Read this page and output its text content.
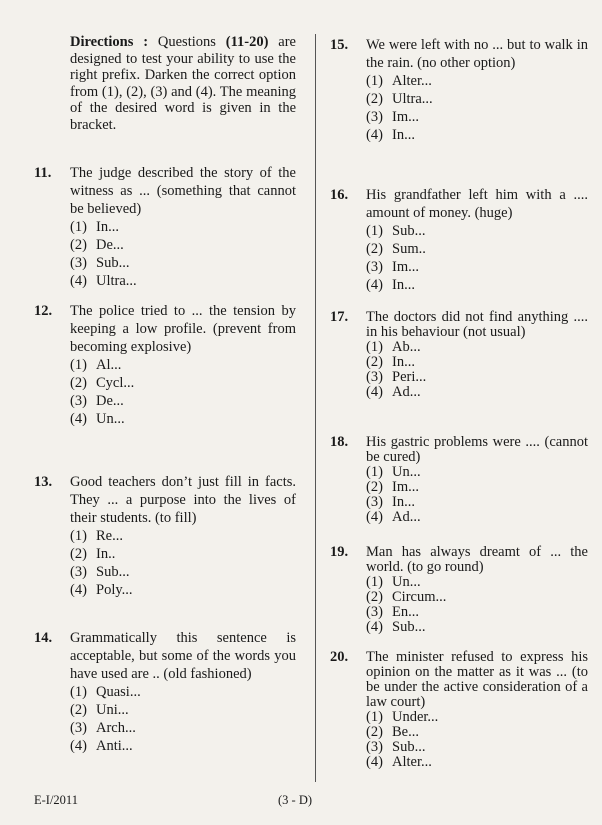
Directions : Questions (11-20) are designed to test your ability to use the right prefix. Darken the correct option from (1), (2), (3) and (4). The meaning of the desired word is given in the bracket.
11.	The judge described the story of the witness as ... (something that cannot be believed)
(1) In...
(2) De...
(3) Sub...
(4) Ultra...
12.	The police tried to ... the tension by keeping a low profile. (prevent from becoming explosive)
(1) Al...
(2) Cycl...
(3) De...
(4) Un...
13.	Good teachers don’t just fill in facts. They ... a purpose into the lives of their students. (to fill)
(1) Re...
(2) In..
(3) Sub...
(4) Poly...
14.	Grammatically this sentence is acceptable, but some of the words you have used are .. (old fashioned)
(1) Quasi...
(2) Uni...
(3) Arch...
(4) Anti...
15.	We were left with no ... but to walk in the rain. (no other option)
(1) Alter...
(2) Ultra...
(3) Im...
(4) In...
16.	His grandfather left him with a .... amount of money. (huge)
(1) Sub...
(2) Sum..
(3) Im...
(4) In...
17.	The doctors did not find anything .... in his behaviour (not usual)
(1) Ab...
(2) In...
(3) Peri...
(4) Ad...
18.	His gastric problems were .... (cannot be cured)
(1) Un...
(2) Im...
(3) In...
(4) Ad...
19.	Man has always dreamt of ... the world. (to go round)
(1) Un...
(2) Circum...
(3) En...
(4) Sub...
20.	The minister refused to express his opinion on the matter as it was ... (to be under the active consideration of a law court)
(1) Under...
(2) Be...
(3) Sub...
(4) Alter...
E-I/2011	(3 - D)
